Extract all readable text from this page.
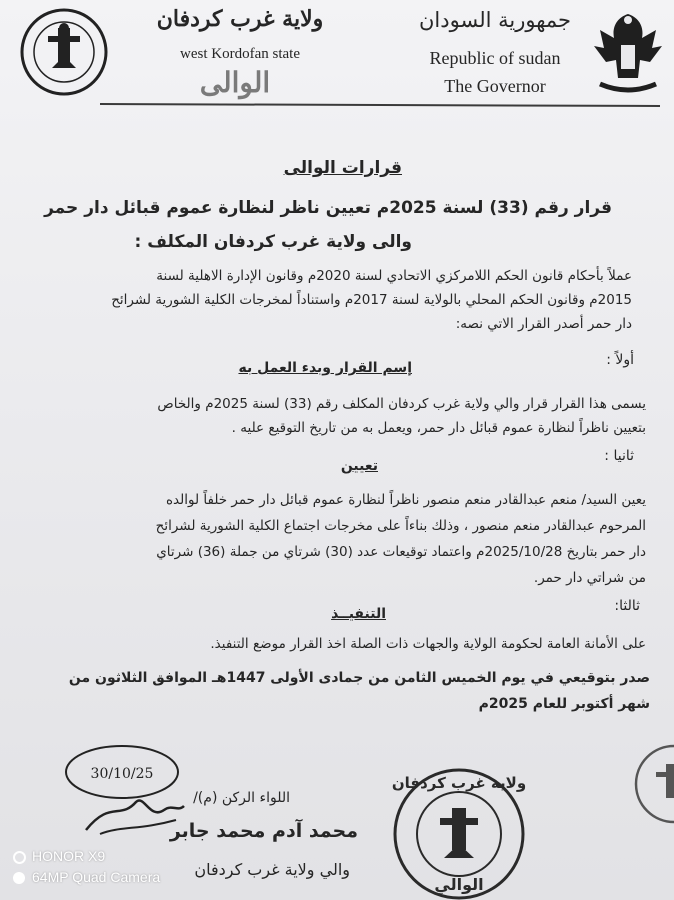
ولاية غرب كردفان
west Kordofan state
الوالى
جمهورية السودان
Republic of sudan
The Governor
قرارات الوالى
قرار رقم (33) لسنة 2025م تعيين ناظر لنظارة عموم قبائل دار حمر
والى ولاية غرب كردفان المكلف :
عملاً بأحكام قانون الحكم اللامركزي الاتحادي لسنة 2020م وقانون الإدارة الاهلية لسنة
2015م وقانون الحكم المحلي بالولاية لسنة 2017م واستناداً لمخرجات الكلية الشورية لشرائح
دار حمر أصدر القرار الاتي نصه:
أولاً :
إسم القرار وبدء العمل به
يسمى هذا القرار قرار والي ولاية غرب كردفان المكلف رقم (33) لسنة 2025م والخاص
بتعيين ناظراً لنظارة عموم قبائل دار حمر، ويعمل به من تاريخ التوقيع عليه .
ثانيا :
تعيين
يعين السيد/ منعم عبدالقادر منعم منصور ناظراً لنظارة عموم قبائل دار حمر خلفاً لوالده
المرحوم عبدالقادر منعم منصور ، وذلك بناءاً على مخرجات اجتماع الكلية الشورية لشرائح
دار حمر بتاريخ 2025/10/28م واعتماد توقيعات عدد (30) شرتاي من جملة (36) شرتاي
من شراتي دار حمر.
ثالثا:
التنفيــذ
على الأمانة العامة لحكومة الولاية والجهات ذات الصلة اخذ القرار موضع التنفيذ.
صدر بتوقيعي في يوم الخميس الثامن من جمادى الأولى 1447هـ الموافق الثلاثون من
شهر أكتوبر للعام 2025م
30/10/25
اللواء الركن (م)/
محمد آدم محمد جابر
والي ولاية غرب كردفان
ولاية غرب كردفان
الوالي
HONOR X9
64MP Quad Camera
